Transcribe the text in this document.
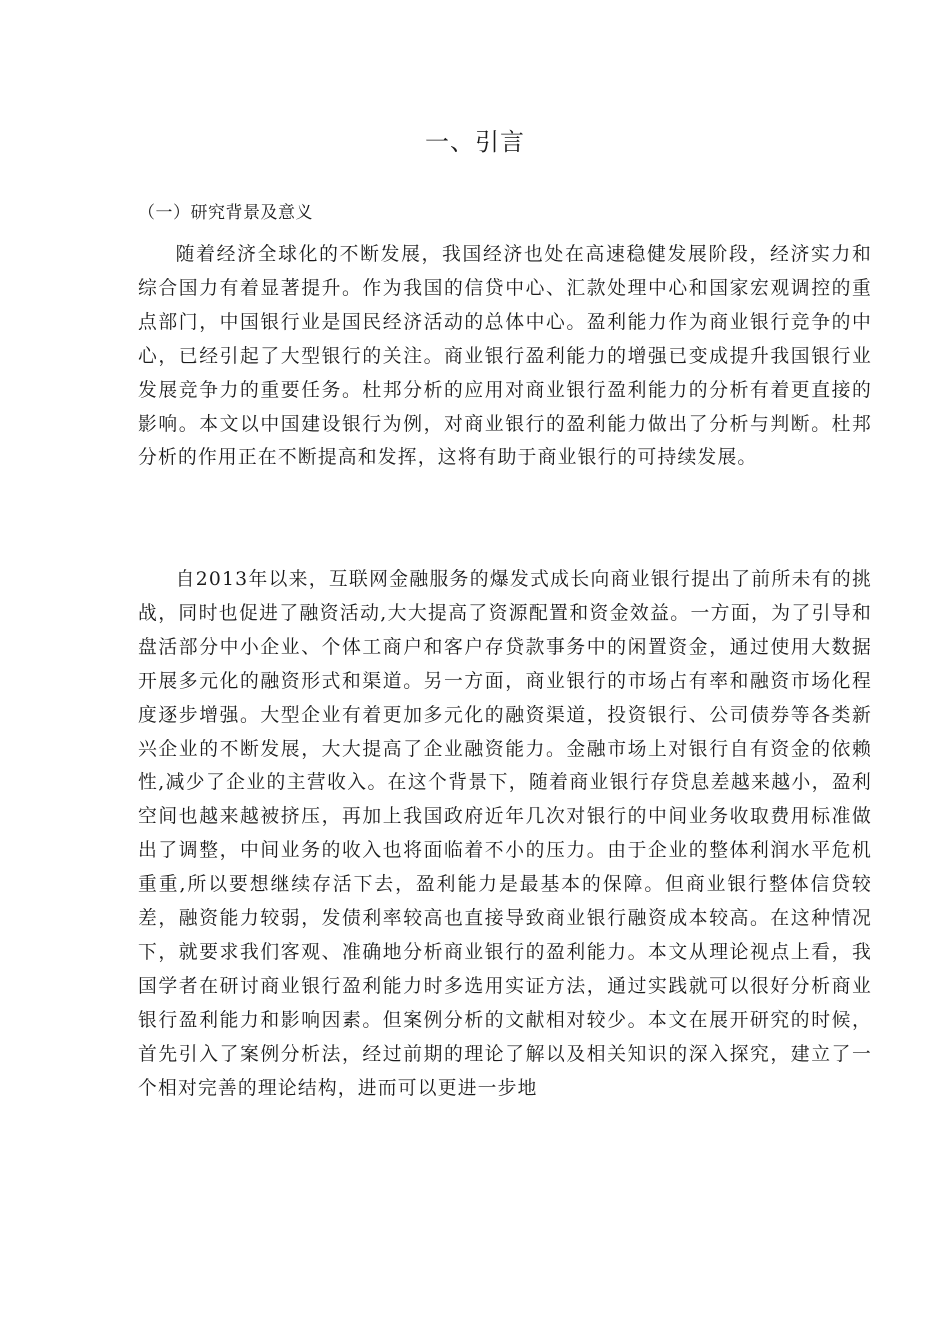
一、引言
（一）研究背景及意义

随着经济全球化的不断发展，我国经济也处在高速稳健发展阶段，经济实力和综合国力有着显著提升。作为我国的信贷中心、汇款处理中心和国家宏观调控的重点部门，中国银行业是国民经济活动的总体中心。盈利能力作为商业银行竞争的中心，已经引起了大型银行的关注。商业银行盈利能力的增强已变成提升我国银行业发展竞争力的重要任务。杜邦分析的应用对商业银行盈利能力的分析有着更直接的影响。本文以中国建设银行为例，对商业银行的盈利能力做出了分析与判断。杜邦分析的作用正在不断提高和发挥，这将有助于商业银行的可持续发展。

自2013年以来，互联网金融服务的爆发式成长向商业银行提出了前所未有的挑战，同时也促进了融资活动,大大提高了资源配置和资金效益。一方面，为了引导和盘活部分中小企业、个体工商户和客户存贷款事务中的闲置资金，通过使用大数据开展多元化的融资形式和渠道。另一方面，商业银行的市场占有率和融资市场化程度逐步增强。大型企业有着更加多元化的融资渠道，投资银行、公司债券等各类新兴企业的不断发展，大大提高了企业融资能力。金融市场上对银行自有资金的依赖性,减少了企业的主营收入。在这个背景下，随着商业银行存贷息差越来越小，盈利空间也越来越被挤压，再加上我国政府近年几次对银行的中间业务收取费用标准做出了调整，中间业务的收入也将面临着不小的压力。由于企业的整体利润水平危机重重,所以要想继续存活下去，盈利能力是最基本的保障。但商业银行整体信贷较差，融资能力较弱，发债利率较高也直接导致商业银行融资成本较高。在这种情况下，就要求我们客观、准确地分析商业银行的盈利能力。本文从理论视点上看，我国学者在研讨商业银行盈利能力时多选用实证方法，通过实践就可以很好分析商业银行盈利能力和影响因素。但案例分析的文献相对较少。本文在展开研究的时候，首先引入了案例分析法，经过前期的理论了解以及相关知识的深入探究，建立了一个相对完善的理论结构，进而可以更进一步地
